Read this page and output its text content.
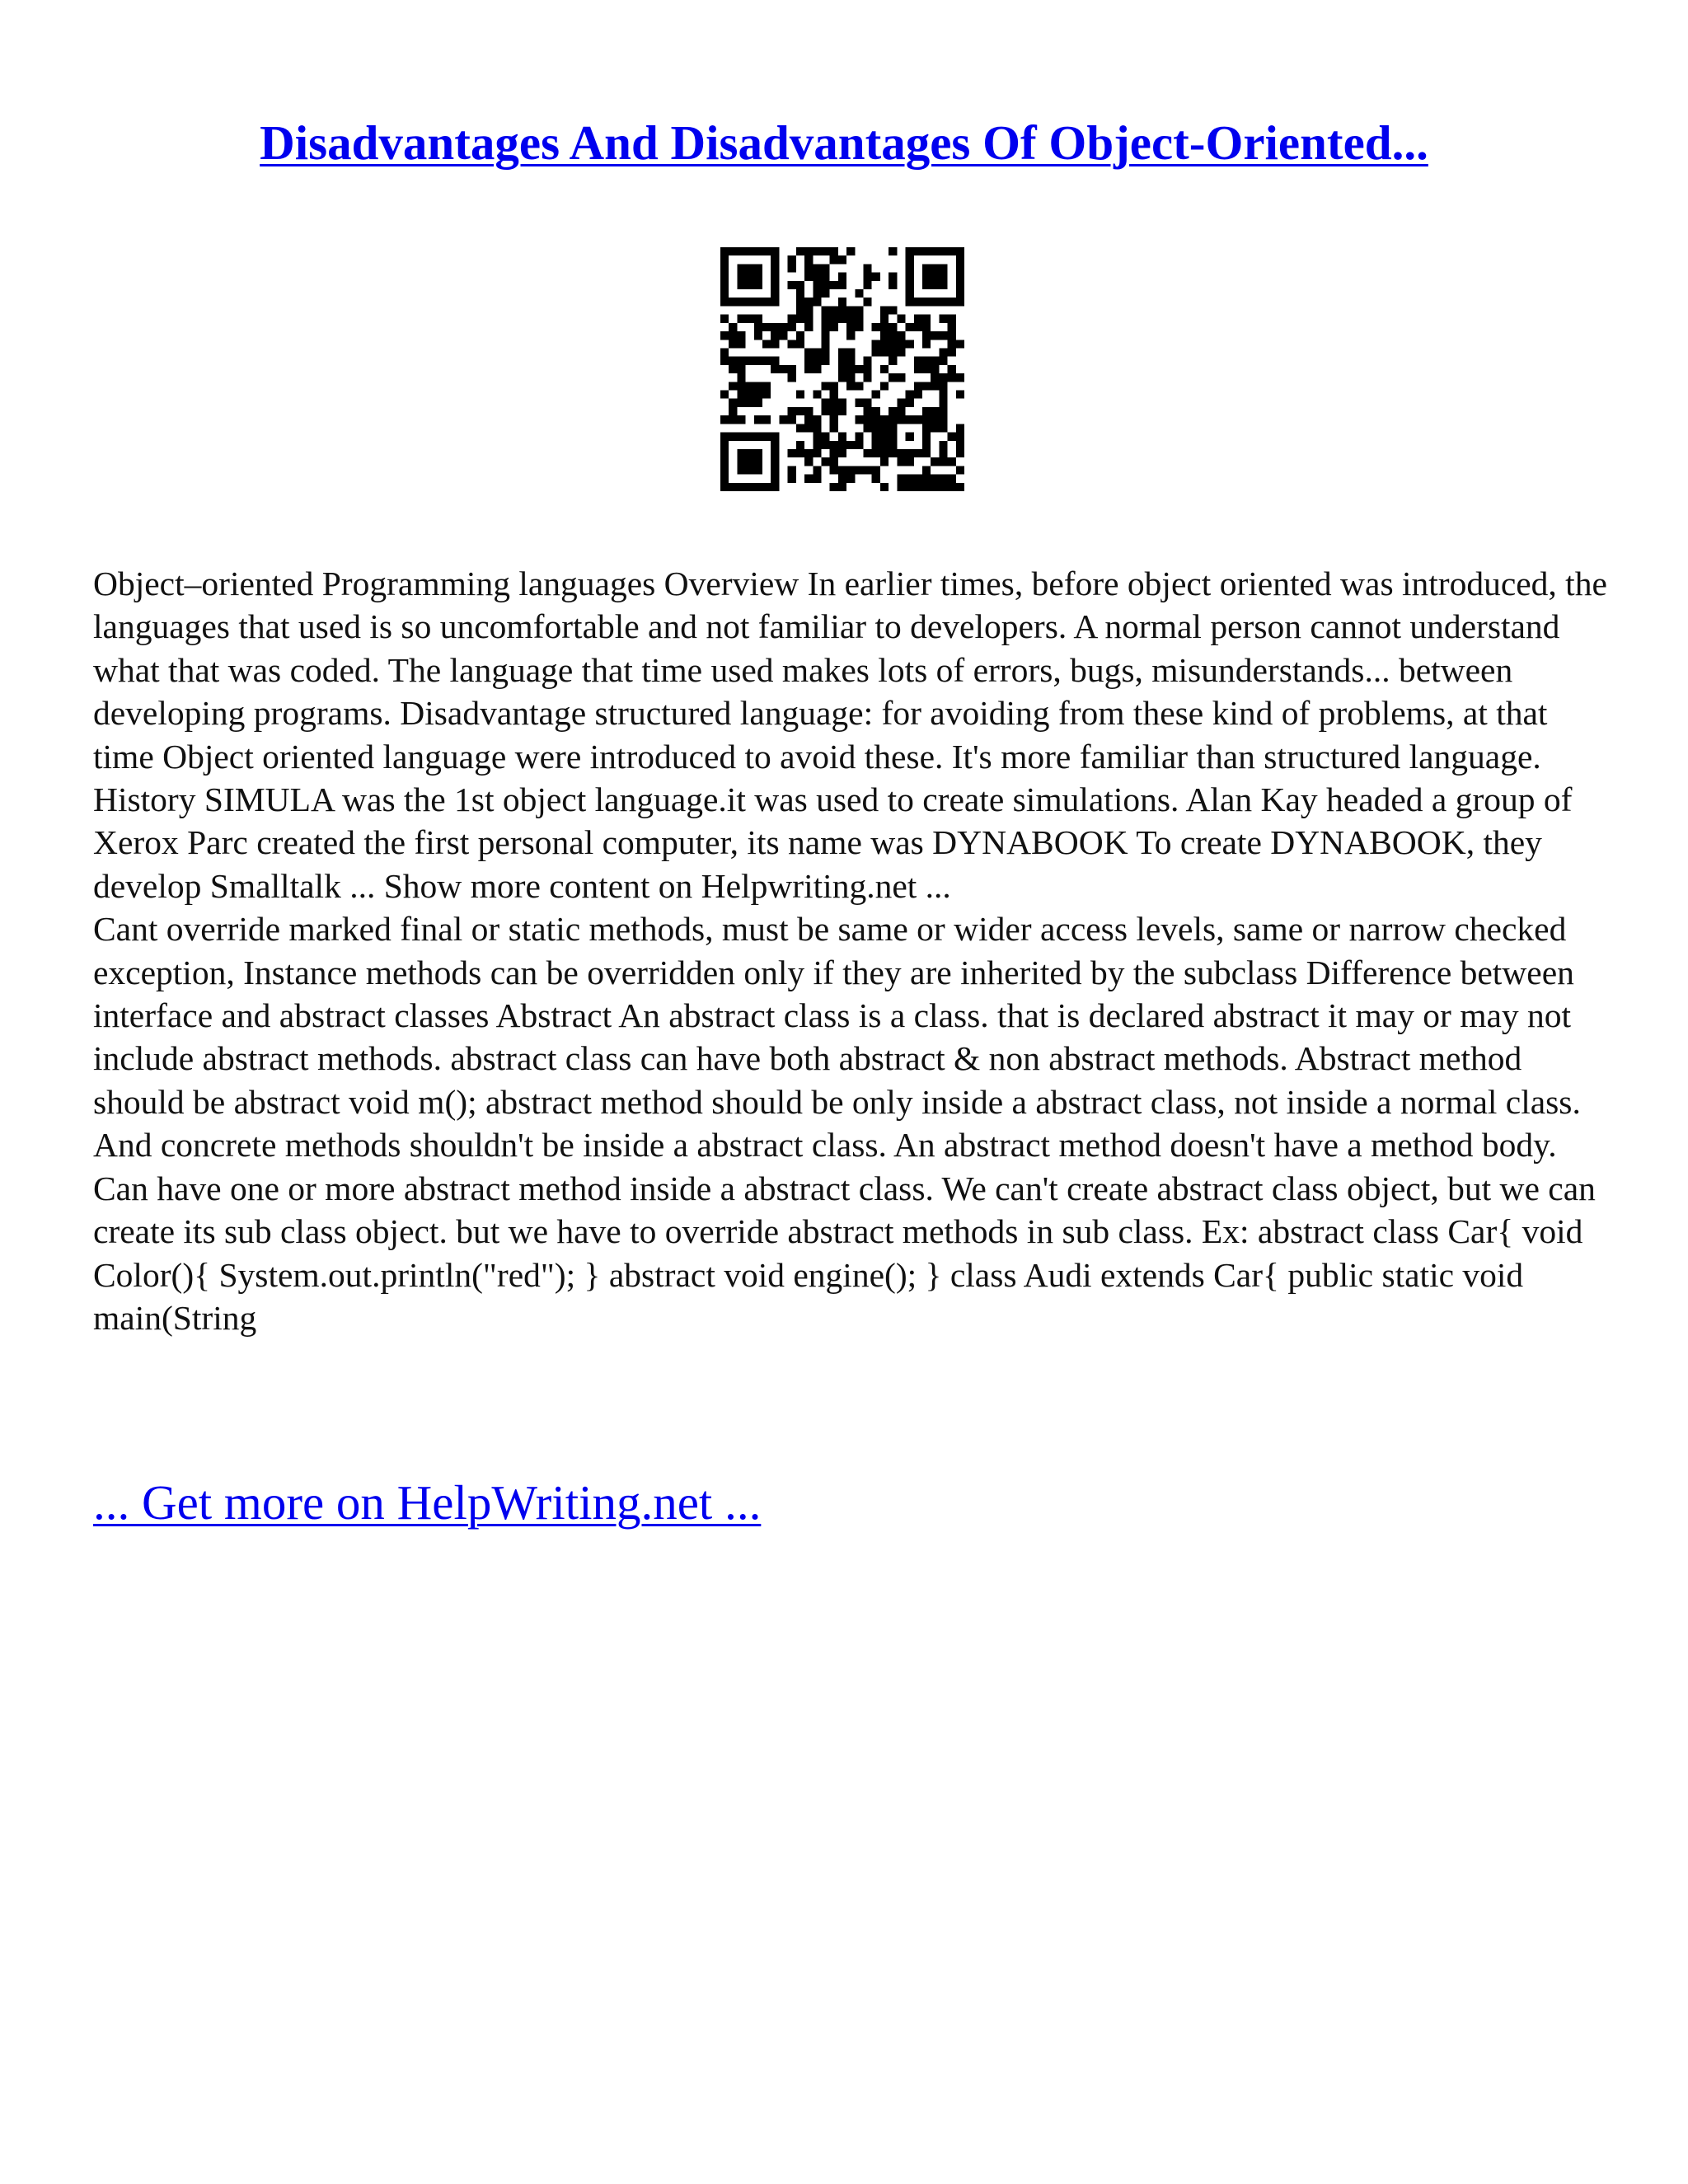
Disadvantages And Disadvantages Of Object-Oriented...

Object–oriented Programming languages Overview In earlier times, before object oriented was introduced, the languages that used is so uncomfortable and not familiar to developers. A normal person cannot understand what that was coded. The language that time used makes lots of errors, bugs, misunderstands... between developing programs. Disadvantage structured language: for avoiding from these kind of problems, at that time Object oriented language were introduced to avoid these. It's more familiar than structured language. History SIMULA was the 1st object language.it was used to create simulations. Alan Kay headed a group of Xerox Parc created the first personal computer, its name was DYNABOOK To create DYNABOOK, they develop Smalltalk ... Show more content on Helpwriting.net ...

Cant override marked final or static methods, must be same or wider access levels, same or narrow checked exception, Instance methods can be overridden only if they are inherited by the subclass Difference between interface and abstract classes Abstract An abstract class is a class. that is declared abstract it may or may not include abstract methods. abstract class can have both abstract & non abstract methods. Abstract method should be abstract void m(); abstract method should be only inside a abstract class, not inside a normal class. And concrete methods shouldn't be inside a abstract class. An abstract method doesn't have a method body. Can have one or more abstract method inside a abstract class. We can't create abstract class object, but we can create its sub class object. but we have to override abstract methods in sub class. Ex: abstract class Car{ void Color(){ System.out.println("red"); } abstract void engine(); } class Audi extends Car{ public static void main(String

... Get more on HelpWriting.net ...
